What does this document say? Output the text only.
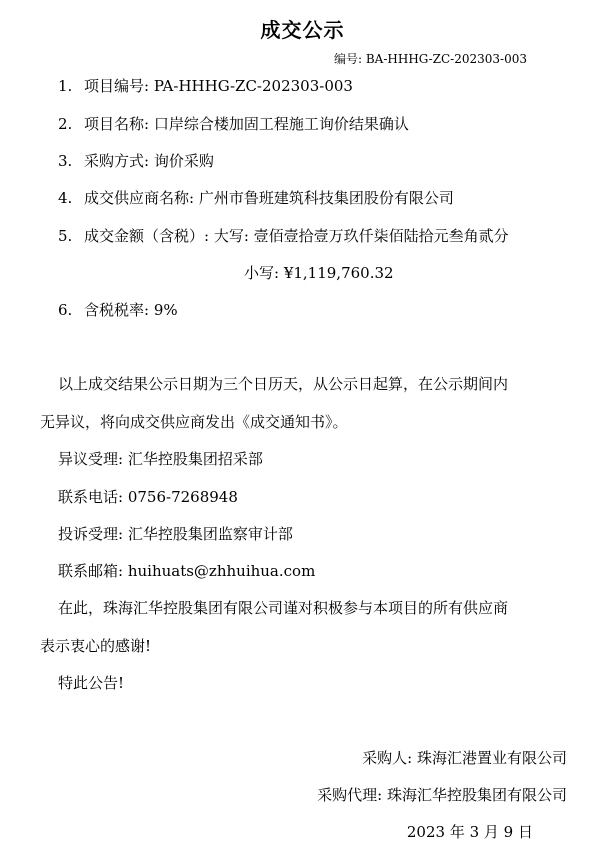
成交公示
编号: BA-HHHG-ZC-202303-003
1. 项目编号: PA-HHHG-ZC-202303-003
2. 项目名称: 口岸综合楼加固工程施工询价结果确认
3. 采购方式: 询价采购
4. 成交供应商名称: 广州市鲁班建筑科技集团股份有限公司
5. 成交金额（含税）: 大写: 壹佰壹拾壹万玖仟柒佰陆拾元叁角贰分
小写: ¥1,119,760.32
6. 含税税率: 9%
以上成交结果公示日期为三个日历天，从公示日起算，在公示期间内
无异议，将向成交供应商发出《成交通知书》。
异议受理: 汇华控股集团招采部
联系电话: 0756-7268948
投诉受理: 汇华控股集团监察审计部
联系邮箱: huihuats@zhhuihua.com
在此，珠海汇华控股集团有限公司谨对积极参与本项目的所有供应商
表示衷心的感谢!
特此公告!
采购人: 珠海汇港置业有限公司
采购代理: 珠海汇华控股集团有限公司
2023 年 3 月 9 日
